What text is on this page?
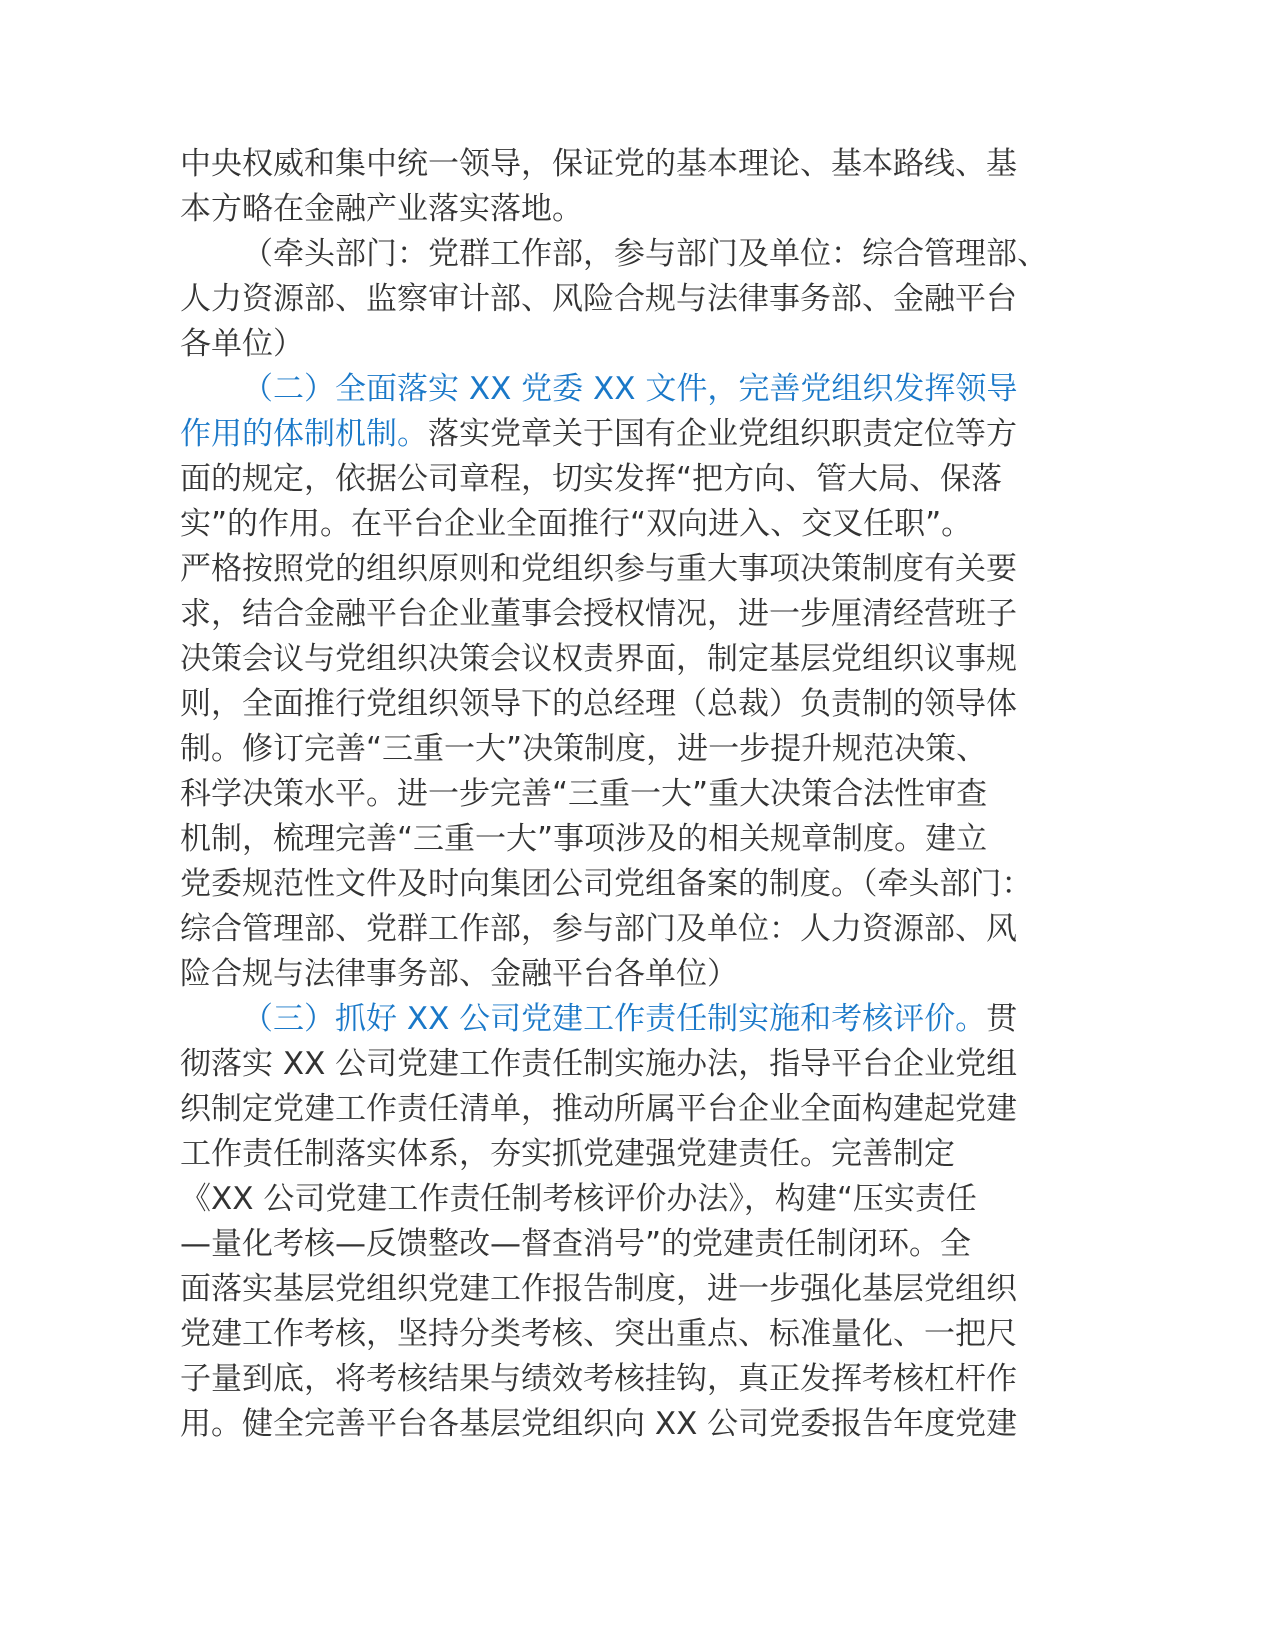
中央权威和集中统一领导，保证党的基本理论、基本路线、基
本方略在金融产业落实落地。

（牵头部门：党群工作部，参与部门及单位：综合管理部、
人力资源部、监察审计部、风险合规与法律事务部、金融平台
各单位）

（二）全面落实 XX 党委 XX 文件，完善党组织发挥领导
作用的体制机制。落实党章关于国有企业党组织职责定位等方
面的规定，依据公司章程，切实发挥“把方向、管大局、保落
实”的作用。在平台企业全面推行“双向进入、交叉任职”。
严格按照党的组织原则和党组织参与重大事项决策制度有关要
求，结合金融平台企业董事会授权情况，进一步厘清经营班子
决策会议与党组织决策会议权责界面，制定基层党组织议事规
则，全面推行党组织领导下的总经理（总裁）负责制的领导体
制。修订完善“三重一大”决策制度，进一步提升规范决策、
科学决策水平。进一步完善“三重一大”重大决策合法性审查
机制，梳理完善“三重一大”事项涉及的相关规章制度。建立
党委规范性文件及时向集团公司党组备案的制度。（牵头部门：
综合管理部、党群工作部，参与部门及单位：人力资源部、风
险合规与法律事务部、金融平台各单位）

（三）抓好 XX 公司党建工作责任制实施和考核评价。贯
彻落实 XX 公司党建工作责任制实施办法，指导平台企业党组
织制定党建工作责任清单，推动所属平台企业全面构建起党建
工作责任制落实体系，夯实抓党建强党建责任。完善制定
《XX 公司党建工作责任制考核评价办法》，构建“压实责任
—量化考核—反馈整改—督查消号”的党建责任制闭环。全
面落实基层党组织党建工作报告制度，进一步强化基层党组织
党建工作考核，坚持分类考核、突出重点、标准量化、一把尺
子量到底，将考核结果与绩效考核挂钩，真正发挥考核杠杆作
用。健全完善平台各基层党组织向 XX 公司党委报告年度党建
